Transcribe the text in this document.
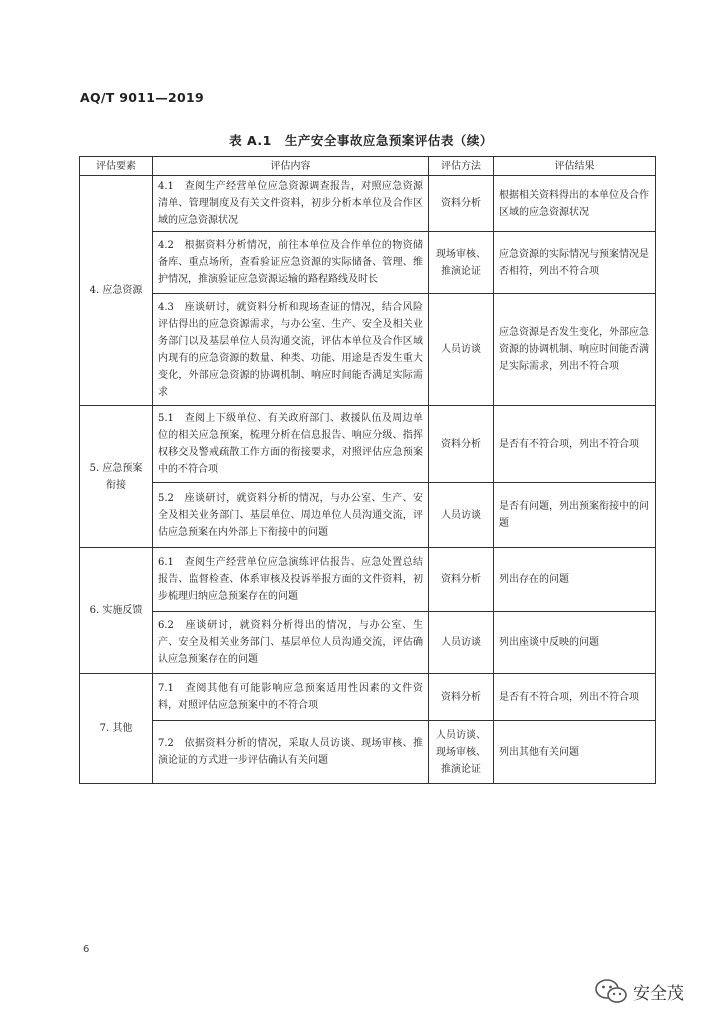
AQ/T 9011—2019
表 A.1　生产安全事故应急预案评估表（续）
评估要素	评估内容	评估方法	评估结果
4. 应急资源	4.1　查阅生产经营单位应急资源调查报告，对照应急资源清单、管理制度及有关文件资料，初步分析本单位及合作区域的应急资源状况	资料分析	根据相关资料得出的本单位及合作区域的应急资源状况
	4.2　根据资料分析情况，前往本单位及合作单位的物资储备库、重点场所，查看验证应急资源的实际储备、管理、维护情况，推演验证应急资源运输的路程路线及时长	现场审核、推演论证	应急资源的实际情况与预案情况是否相符，列出不符合项
	4.3　座谈研讨，就资料分析和现场查证的情况，结合风险评估得出的应急资源需求，与办公室、生产、安全及相关业务部门以及基层单位人员沟通交流，评估本单位及合作区域内现有的应急资源的数量、种类、功能、用途是否发生重大变化，外部应急资源的协调机制、响应时间能否满足实际需求	人员访谈	应急资源是否发生变化，外部应急资源的协调机制、响应时间能否满足实际需求，列出不符合项
5. 应急预案衔接	5.1　查阅上下级单位、有关政府部门、救援队伍及周边单位的相关应急预案，梳理分析在信息报告、响应分级、指挥权移交及警戒疏散工作方面的衔接要求，对照评估应急预案中的不符合项	资料分析	是否有不符合项，列出不符合项
	5.2　座谈研讨，就资料分析的情况，与办公室、生产、安全及相关业务部门、基层单位、周边单位人员沟通交流，评估应急预案在内外部上下衔接中的问题	人员访谈	是否有问题，列出预案衔接中的问题
6. 实施反馈	6.1　查阅生产经营单位应急演练评估报告、应急处置总结报告、监督检查、体系审核及投诉举报方面的文件资料，初步梳理归纳应急预案存在的问题	资料分析	列出存在的问题
	6.2　座谈研讨，就资料分析得出的情况，与办公室、生产、安全及相关业务部门、基层单位人员沟通交流，评估确认应急预案存在的问题	人员访谈	列出座谈中反映的问题
7. 其他	7.1　查阅其他有可能影响应急预案适用性因素的文件资料，对照评估应急预案中的不符合项	资料分析	是否有不符合项，列出不符合项
	7.2　依据资料分析的情况，采取人员访谈、现场审核、推演论证的方式进一步评估确认有关问题	人员访谈、现场审核、推演论证	列出其他有关问题
6
安全茂
